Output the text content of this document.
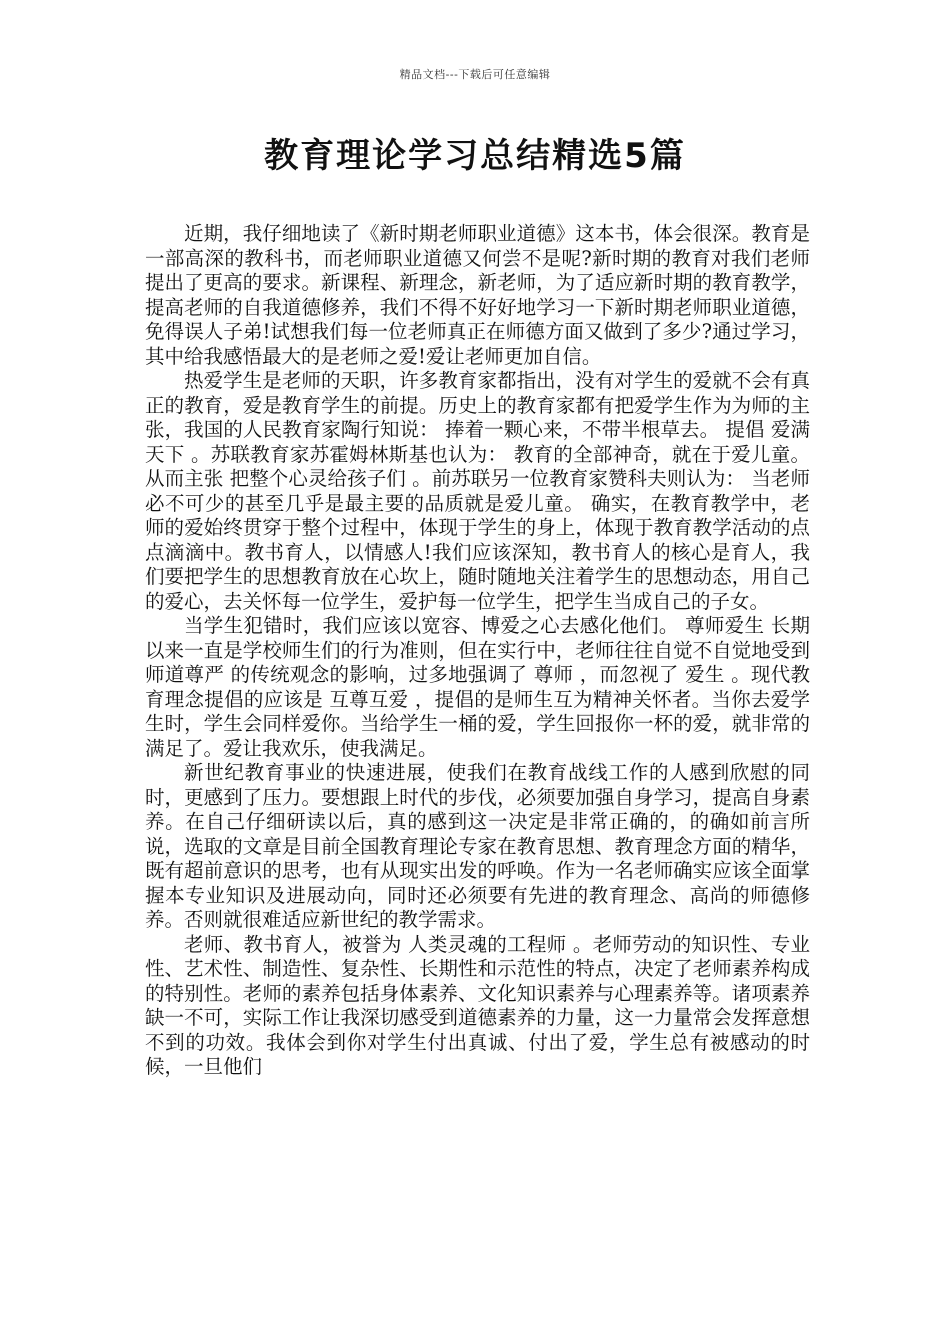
精品文档---下载后可任意编辑
教育理论学习总结精选5篇

近期，我仔细地读了《新时期老师职业道德》这本书，体会很深。教育是一部高深的教科书，而老师职业道德又何尝不是呢?新时期的教育对我们老师提出了更高的要求。新课程、新理念，新老师，为了适应新时期的教育教学，提高老师的自我道德修养，我们不得不好好地学习一下新时期老师职业道德，免得误人子弟!试想我们每一位老师真正在师德方面又做到了多少?通过学习，其中给我感悟最大的是老师之爱!爱让老师更加自信。

热爱学生是老师的天职，许多教育家都指出，没有对学生的爱就不会有真正的教育，爱是教育学生的前提。历史上的教育家都有把爱学生作为为师的主张，我国的人民教育家陶行知说： 捧着一颗心来，不带半根草去。 提倡 爱满天下 。苏联教育家苏霍姆林斯基也认为： 教育的全部神奇，就在于爱儿童。 从而主张 把整个心灵给孩子们 。前苏联另一位教育家赞科夫则认为： 当老师必不可少的甚至几乎是最主要的品质就是爱儿童。 确实，在教育教学中，老师的爱始终贯穿于整个过程中，体现于学生的身上，体现于教育教学活动的点点滴滴中。教书育人，以情感人!我们应该深知，教书育人的核心是育人，我们要把学生的思想教育放在心坎上，随时随地关注着学生的思想动态，用自己的爱心，去关怀每一位学生，爱护每一位学生，把学生当成自己的子女。

当学生犯错时，我们应该以宽容、博爱之心去感化他们。 尊师爱生 长期以来一直是学校师生们的行为准则，但在实行中，老师往往自觉不自觉地受到 师道尊严 的传统观念的影响，过多地强调了 尊师 ，而忽视了 爱生 。现代教育理念提倡的应该是 互尊互爱 ，提倡的是师生互为精神关怀者。当你去爱学生时，学生会同样爱你。当给学生一桶的爱，学生回报你一杯的爱，就非常的满足了。爱让我欢乐，使我满足。

新世纪教育事业的快速进展，使我们在教育战线工作的人感到欣慰的同时，更感到了压力。要想跟上时代的步伐，必须要加强自身学习，提高自身素养。在自己仔细研读以后，真的感到这一决定是非常正确的，的确如前言所说，选取的文章是目前全国教育理论专家在教育思想、教育理念方面的精华，既有超前意识的思考，也有从现实出发的呼唤。作为一名老师确实应该全面掌握本专业知识及进展动向，同时还必须要有先进的教育理念、高尚的师德修养。否则就很难适应新世纪的教学需求。

老师、教书育人，被誉为 人类灵魂的工程师 。老师劳动的知识性、专业性、艺术性、制造性、复杂性、长期性和示范性的特点，决定了老师素养构成的特别性。老师的素养包括身体素养、文化知识素养与心理素养等。诸项素养缺一不可，实际工作让我深切感受到道德素养的力量，这一力量常会发挥意想不到的功效。我体会到你对学生付出真诚、付出了爱，学生总有被感动的时候，一旦他们
